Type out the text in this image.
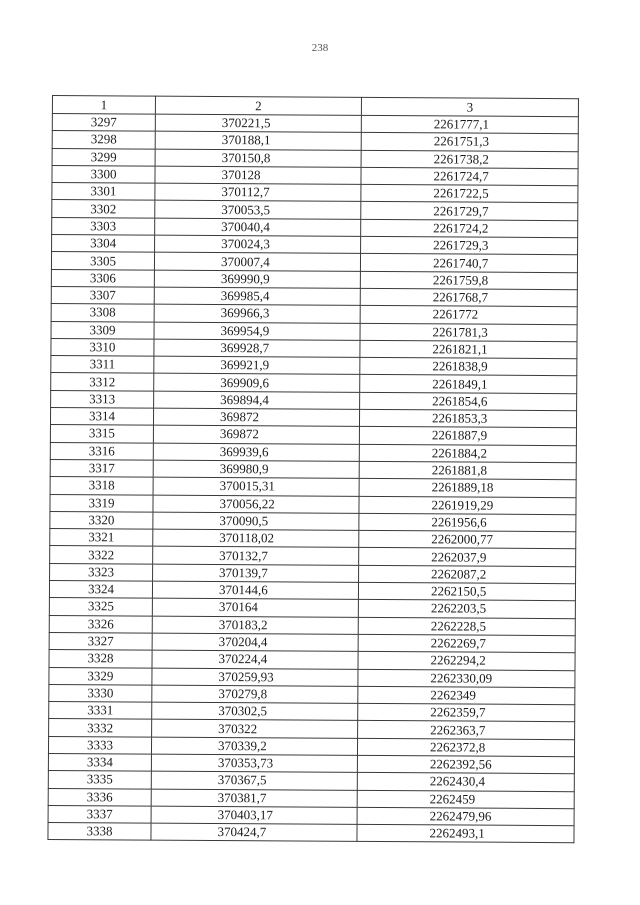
238
1	2	3
3297	370221,5	2261777,1
3298	370188,1	2261751,3
3299	370150,8	2261738,2
3300	370128	2261724,7
3301	370112,7	2261722,5
3302	370053,5	2261729,7
3303	370040,4	2261724,2
3304	370024,3	2261729,3
3305	370007,4	2261740,7
3306	369990,9	2261759,8
3307	369985,4	2261768,7
3308	369966,3	2261772
3309	369954,9	2261781,3
3310	369928,7	2261821,1
3311	369921,9	2261838,9
3312	369909,6	2261849,1
3313	369894,4	2261854,6
3314	369872	2261853,3
3315	369872	2261887,9
3316	369939,6	2261884,2
3317	369980,9	2261881,8
3318	370015,31	2261889,18
3319	370056,22	2261919,29
3320	370090,5	2261956,6
3321	370118,02	2262000,77
3322	370132,7	2262037,9
3323	370139,7	2262087,2
3324	370144,6	2262150,5
3325	370164	2262203,5
3326	370183,2	2262228,5
3327	370204,4	2262269,7
3328	370224,4	2262294,2
3329	370259,93	2262330,09
3330	370279,8	2262349
3331	370302,5	2262359,7
3332	370322	2262363,7
3333	370339,2	2262372,8
3334	370353,73	2262392,56
3335	370367,5	2262430,4
3336	370381,7	2262459
3337	370403,17	2262479,96
3338	370424,7	2262493,1
